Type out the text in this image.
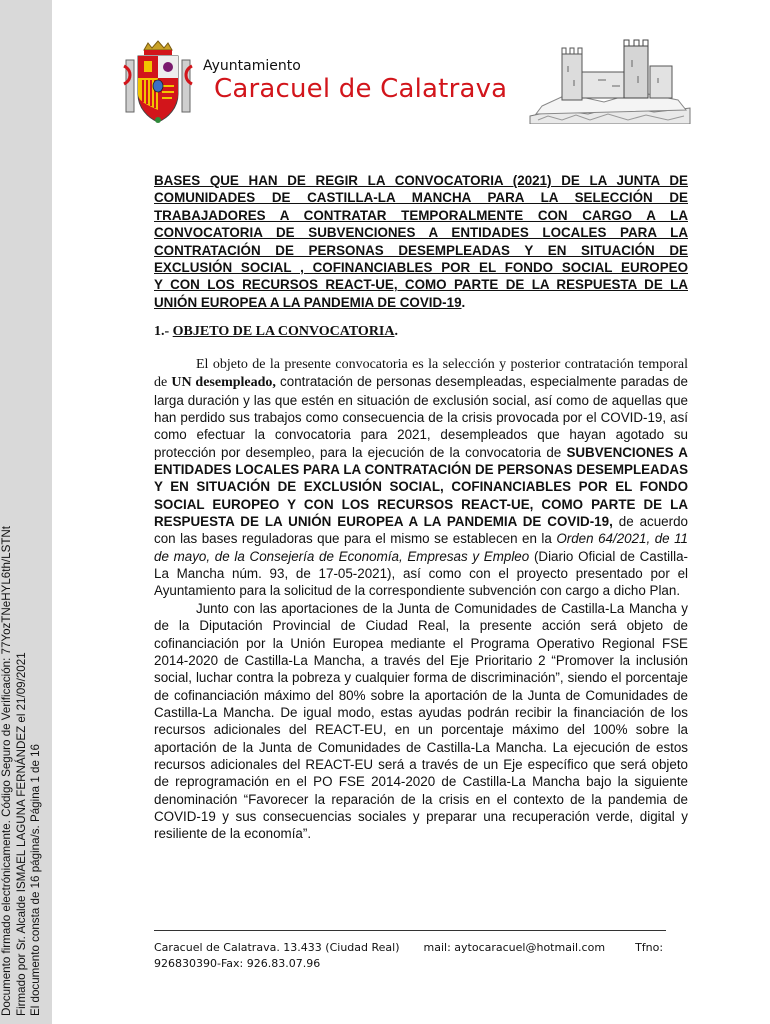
Documento firmado electrónicamente. Código Seguro de Verificación: 77YozTNeHYL6th/LSTNt Firmado por Sr. Alcalde ISMAEL LAGUNA FERNÁNDEZ el 21/09/2021 El documento consta de 16 página/s. Página 1 de 16
Ayuntamiento
Caracuel de Calatrava
BASES QUE HAN DE REGIR LA CONVOCATORIA (2021) DE LA JUNTA DE
COMUNIDADES DE CASTILLA-LA MANCHA PARA LA SELECCIÓN DE
TRABAJADORES A CONTRATAR TEMPORALMENTE CON CARGO A LA
CONVOCATORIA DE SUBVENCIONES A ENTIDADES LOCALES PARA LA
CONTRATACIÓN DE PERSONAS DESEMPLEADAS Y EN SITUACIÓN DE
EXCLUSIÓN SOCIAL , COFINANCIABLES POR EL FONDO SOCIAL EUROPEO
Y CON LOS RECURSOS REACT-UE, COMO PARTE DE LA RESPUESTA DE LA
UNIÓN EUROPEA A LA PANDEMIA DE COVID-19.
1.- OBJETO DE LA CONVOCATORIA.

El objeto de la presente convocatoria es la selección y posterior contratación temporal de UN desempleado, contratación de personas desempleadas, especialmente paradas de larga duración y las que estén en situación de exclusión social, así como de aquellas que han perdido sus trabajos como consecuencia de la crisis provocada por el COVID-19, así como efectuar la convocatoria para 2021, desempleados que hayan agotado su protección por desempleo, para la ejecución de la convocatoria de SUBVENCIONES A ENTIDADES LOCALES PARA LA CONTRATACIÓN DE PERSONAS DESEMPLEADAS Y EN SITUACIÓN DE EXCLUSIÓN SOCIAL, COFINANCIABLES POR EL FONDO SOCIAL EUROPEO Y CON LOS RECURSOS REACT-UE, COMO PARTE DE LA RESPUESTA DE LA UNIÓN EUROPEA A LA PANDEMIA DE COVID-19, de acuerdo con las bases reguladoras que para el mismo se establecen en la Orden 64/2021, de 11 de mayo, de la Consejería de Economía, Empresas y Empleo (Diario Oficial de Castilla-La Mancha núm. 93, de 17-05-2021), así como con el proyecto presentado por el Ayuntamiento para la solicitud de la correspondiente subvención con cargo a dicho Plan.

Junto con las aportaciones de la Junta de Comunidades de Castilla-La Mancha y de la Diputación Provincial de Ciudad Real, la presente acción será objeto de cofinanciación por la Unión Europea mediante el Programa Operativo Regional FSE 2014-2020 de Castilla-La Mancha, a través del Eje Prioritario 2 “Promover la inclusión social, luchar contra la pobreza y cualquier forma de discriminación”, siendo el porcentaje de cofinanciación máximo del 80% sobre la aportación de la Junta de Comunidades de Castilla-La Mancha. De igual modo, estas ayudas podrán recibir la financiación de los recursos adicionales del REACT-EU, en un porcentaje máximo del 100% sobre la aportación de la Junta de Comunidades de Castilla-La Mancha. La ejecución de estos recursos adicionales del REACT-EU será a través de un Eje específico que será objeto de reprogramación en el PO FSE 2014-2020 de Castilla-La Mancha bajo la siguiente denominación “Favorecer la reparación de la crisis en el contexto de la pandemia de COVID-19 y sus consecuencias sociales y preparar una recuperación verde, digital y resiliente de la economía”.

Caracuel de Calatrava. 13.433 (Ciudad Real) mail: aytocaracuel@hotmail.com	Tfno:
926830390-Fax: 926.83.07.96
